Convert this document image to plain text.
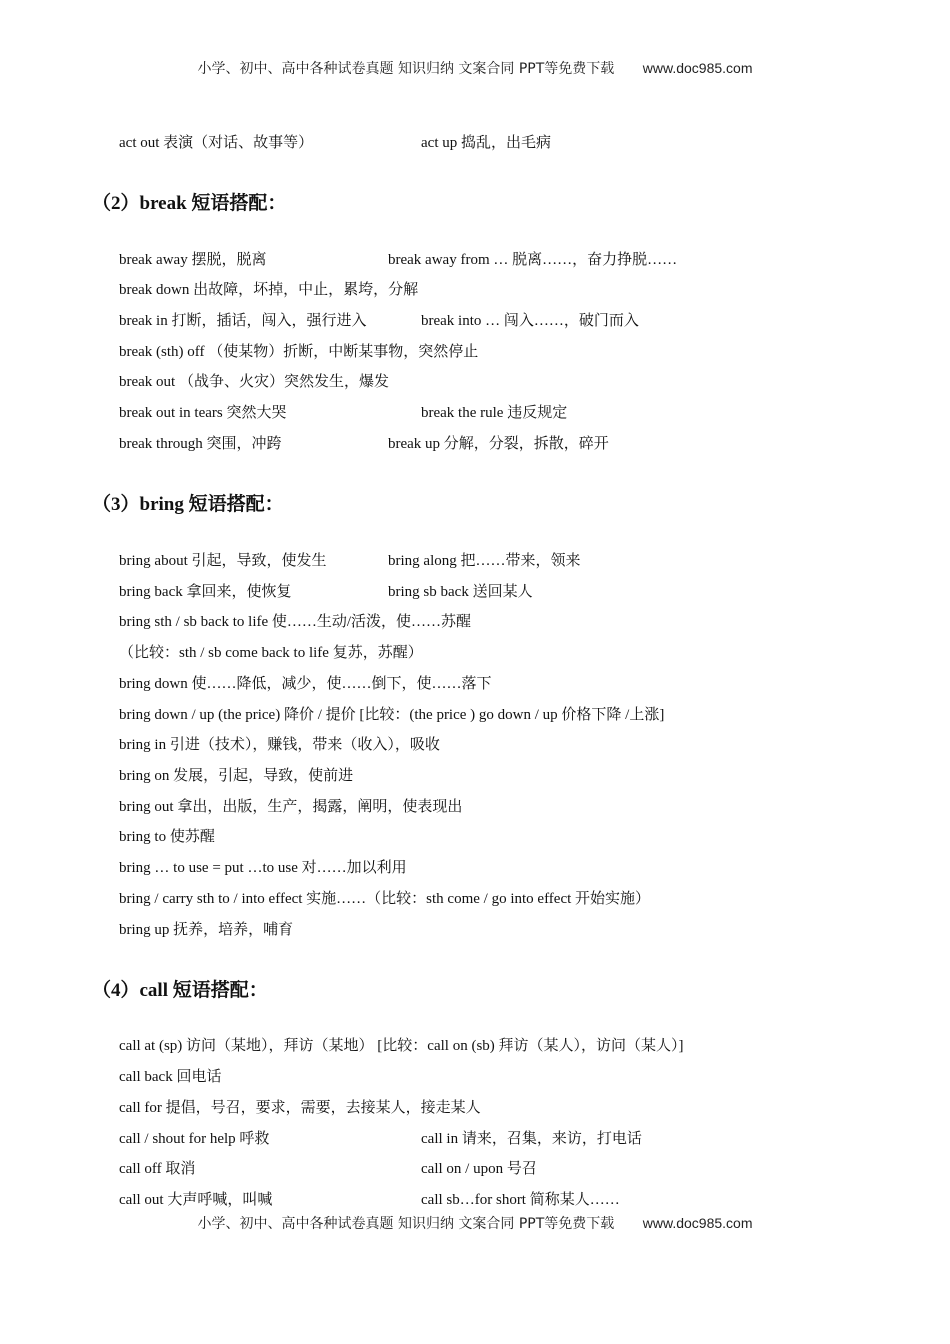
小学、初中、高中各种试卷真题 知识归纳 文案合同 PPT等免费下载 www.doc985.com
act out 表演（对话、故事等）	act up 捣乱，出毛病
（2）break 短语搭配：
break away 摆脱，脱离	break away from … 脱离……，奋力挣脱……
break down 出故障，坏掉，中止，累垮，分解
break in 打断，插话，闯入，强行进入	break into … 闯入……，破门而入
break (sth) off （使某物）折断，中断某事物，突然停止
break out （战争、火灾）突然发生，爆发
break out in tears 突然大哭	break the rule 违反规定
break through 突围，冲跨	break up 分解，分裂，拆散，碎开
（3）bring 短语搭配：
bring about 引起，导致，使发生	bring along 把……带来，领来
bring back 拿回来，使恢复	bring sb back 送回某人
bring sth / sb back to life 使……生动/活泼，使……苏醒
（比较：sth / sb come back to life 复苏，苏醒）
bring down 使……降低，减少，使……倒下，使……落下
bring down / up (the price) 降价 / 提价 [比较：(the price ) go down / up 价格下降 /上涨]
bring in 引进（技术），赚钱，带来（收入），吸收
bring on 发展，引起，导致，使前进
bring out 拿出，出版，生产，揭露，阐明，使表现出
bring to 使苏醒
bring … to use = put …to use 对……加以利用
bring / carry sth to / into effect 实施……（比较：sth come / go into effect 开始实施）
bring up 抚养，培养，哺育
（4）call 短语搭配：
call at (sp) 访问（某地），拜访（某地） [比较：call on (sb) 拜访（某人），访问（某人）]
call back 回电话
call for 提倡，号召，要求，需要，去接某人，接走某人
call / shout for help 呼救	call in 请来，召集，来访，打电话
call off 取消	call on / upon 号召
call out 大声呼喊，叫喊	call sb…for short 简称某人……
小学、初中、高中各种试卷真题 知识归纳 文案合同 PPT等免费下载 www.doc985.com
